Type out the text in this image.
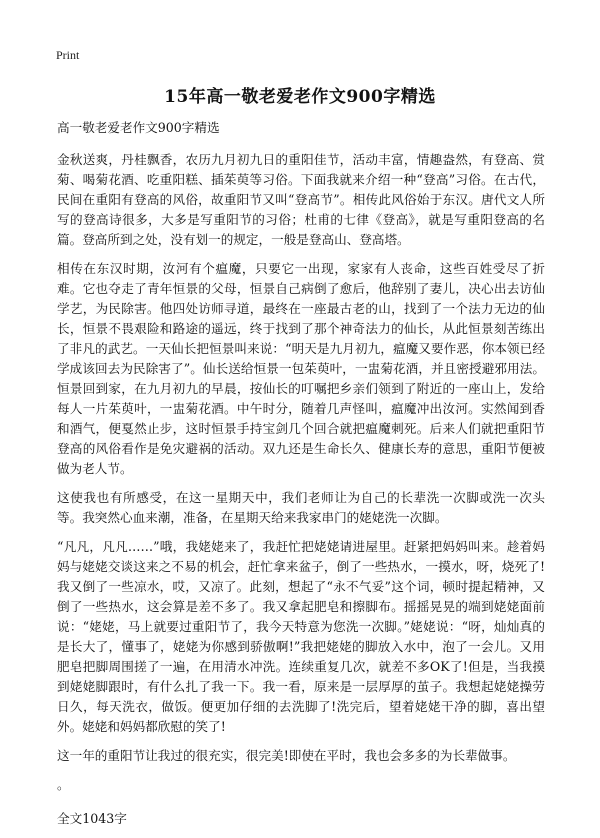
Print
15年高一敬老爱老作文900字精选

高一敬老爱老作文900字精选

金秋送爽，丹桂飘香，农历九月初九日的重阳佳节，活动丰富，情趣盎然，有登高、赏菊、喝菊花酒、吃重阳糕、插茱萸等习俗。下面我就来介绍一种“登高”习俗。在古代，民间在重阳有登高的风俗，故重阳节又叫“登高节”。相传此风俗始于东汉。唐代文人所写的登高诗很多，大多是写重阳节的习俗；杜甫的七律《登高》，就是写重阳登高的名篇。登高所到之处，没有划一的规定，一般是登高山、登高塔。

相传在东汉时期，汝河有个瘟魔，只要它一出现，家家有人丧命，这些百姓受尽了折难。它也夺走了青年恒景的父母，恒景自己病倒了愈后，他辞别了妻儿，决心出去访仙学艺，为民除害。他四处访师寻道，最终在一座最古老的山，找到了一个法力无边的仙长，恒景不畏艰险和路途的遥远，终于找到了那个神奇法力的仙长，从此恒景刻苦练出了非凡的武艺。一天仙长把恒景叫来说：“明天是九月初九，瘟魔又要作恶，你本领已经学成该回去为民除害了”。仙长送给恒景一包茱萸叶，一盅菊花酒，并且密授避邪用法。恒景回到家，在九月初九的早晨，按仙长的叮嘱把乡亲们领到了附近的一座山上，发给每人一片茱萸叶，一盅菊花酒。中午时分，随着几声怪叫，瘟魔冲出汝河。实然闻到香和酒气，便戛然止步，这时恒景手持宝剑几个回合就把瘟魔刺死。后来人们就把重阳节登高的风俗看作是免灾避祸的活动。双九还是生命长久、健康长寿的意思，重阳节便被做为老人节。

这使我也有所感受，在这一星期天中，我们老师让为自己的长辈洗一次脚或洗一次头等。我突然心血来潮，准备，在星期天给来我家串门的姥姥洗一次脚。

“凡凡，凡凡……”哦，我姥姥来了，我赶忙把姥姥请进屋里。赶紧把妈妈叫来。趁着妈妈与姥姥交谈这来之不易的机会，赶忙拿来盆子，倒了一些热水，一摸水，呀，烧死了!我又倒了一些凉水，哎，又凉了。此刻，想起了“永不气妥”这个词，顿时提起精神，又倒了一些热水，这会算是差不多了。我又拿起肥皂和擦脚布。摇摇晃晃的端到姥姥面前说：“姥姥，马上就要过重阳节了，我今天特意为您洗一次脚。”姥姥说：“呀，灿灿真的是长大了，懂事了，姥姥为你感到骄傲啊!”我把姥姥的脚放入水中，泡了一会儿。又用肥皂把脚周围搓了一遍，在用清水冲洗。连续重复几次，就差不多OK了!但是，当我摸到姥姥脚跟时，有什么扎了我一下。我一看，原来是一层厚厚的茧子。我想起姥姥操劳日久，每天洗衣，做饭。便更加仔细的去洗脚了!洗完后，望着姥姥干净的脚，喜出望外。姥姥和妈妈都欣慰的笑了!

这一年的重阳节让我过的很充实，很完美!即使在平时，我也会多多的为长辈做事。

。

全文1043字
